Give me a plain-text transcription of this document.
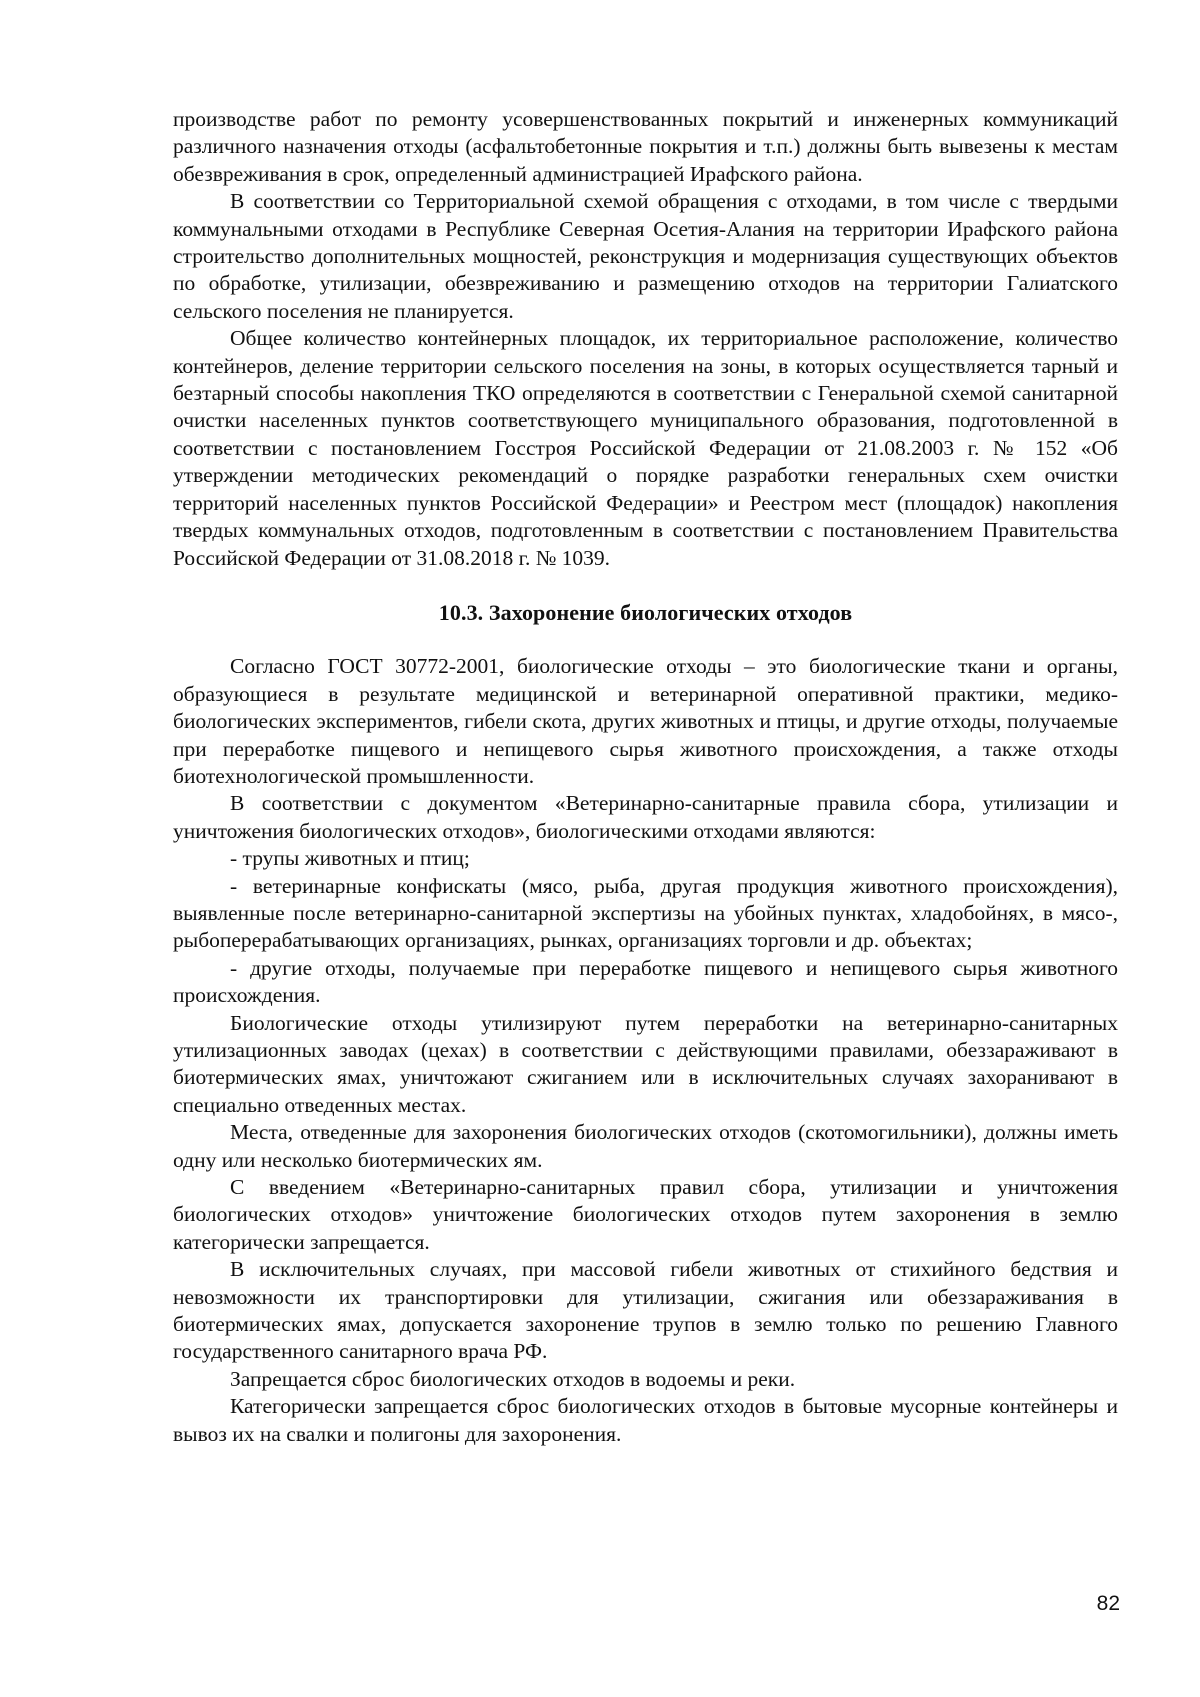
производстве работ по ремонту усовершенствованных покрытий и инженерных коммуникаций различного назначения отходы (асфальтобетонные покрытия и т.п.) должны быть вывезены к местам обезвреживания в срок, определенный администрацией Ирафского района.

В соответствии со Территориальной схемой обращения с отходами, в том числе с твердыми коммунальными отходами в Республике Северная Осетия-Алания на территории Ирафского района строительство дополнительных мощностей, реконструкция и модернизация существующих объектов по обработке, утилизации, обезвреживанию и размещению отходов на территории Галиатского сельского поселения не планируется.

Общее количество контейнерных площадок, их территориальное расположение, количество контейнеров, деление территории сельского поселения на зоны, в которых осуществляется тарный и безтарный способы накопления ТКО определяются в соответствии с Генеральной схемой санитарной очистки населенных пунктов соответствующего муниципального образования, подготовленной в соответствии с постановлением Госстроя Российской Федерации от 21.08.2003 г. № 152 «Об утверждении методических рекомендаций о порядке разработки генеральных схем очистки территорий населенных пунктов Российской Федерации» и Реестром мест (площадок) накопления твердых коммунальных отходов, подготовленным в соответствии с постановлением Правительства Российской Федерации от 31.08.2018 г. № 1039.

10.3. Захоронение биологических отходов

Согласно ГОСТ 30772-2001, биологические отходы – это биологические ткани и органы, образующиеся в результате медицинской и ветеринарной оперативной практики, медико-биологических экспериментов, гибели скота, других животных и птицы, и другие отходы, получаемые при переработке пищевого и непищевого сырья животного происхождения, а также отходы биотехнологической промышленности.

В соответствии с документом «Ветеринарно-санитарные правила сбора, утилизации и уничтожения биологических отходов», биологическими отходами являются:

- трупы животных и птиц;

- ветеринарные конфискаты (мясо, рыба, другая продукция животного происхождения), выявленные после ветеринарно-санитарной экспертизы на убойных пунктах, хладобойнях, в мясо-, рыбоперерабатывающих организациях, рынках, организациях торговли и др. объектах;

- другие отходы, получаемые при переработке пищевого и непищевого сырья животного происхождения.

Биологические отходы утилизируют путем переработки на ветеринарно-санитарных утилизационных заводах (цехах) в соответствии с действующими правилами, обеззараживают в биотермических ямах, уничтожают сжиганием или в исключительных случаях захоранивают в специально отведенных местах.

Места, отведенные для захоронения биологических отходов (скотомогильники), должны иметь одну или несколько биотермических ям.

С введением «Ветеринарно-санитарных правил сбора, утилизации и уничтожения биологических отходов» уничтожение биологических отходов путем захоронения в землю категорически запрещается.

В исключительных случаях, при массовой гибели животных от стихийного бедствия и невозможности их транспортировки для утилизации, сжигания или обеззараживания в биотермических ямах, допускается захоронение трупов в землю только по решению Главного государственного санитарного врача РФ.

Запрещается сброс биологических отходов в водоемы и реки.

Категорически запрещается сброс биологических отходов в бытовые мусорные контейнеры и вывоз их на свалки и полигоны для захоронения.

82
